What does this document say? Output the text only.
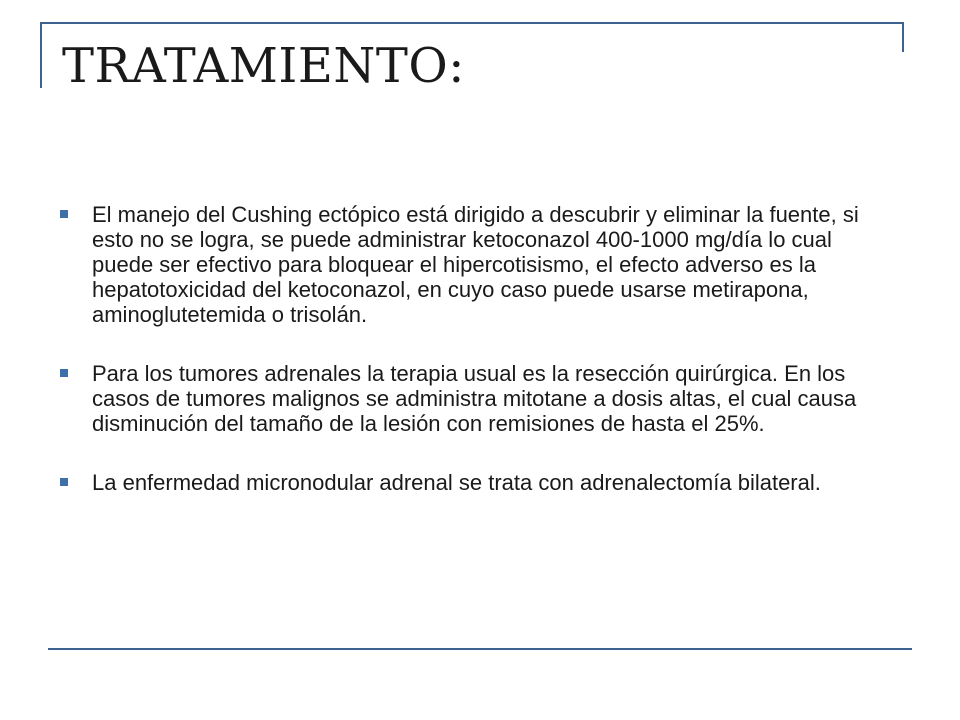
TRATAMIENTO:
El manejo del Cushing ectópico está dirigido a descubrir y eliminar la fuente, si esto no se logra, se puede administrar ketoconazol 400-1000 mg/día lo cual puede ser efectivo para bloquear el hipercotisismo, el efecto adverso es la hepatotoxicidad del ketoconazol, en cuyo caso puede usarse metirapona, aminoglutetemida o trisolán.
Para los tumores adrenales la terapia usual es la resección quirúrgica. En los casos de tumores malignos se administra mitotane a dosis altas, el cual causa disminución del tamaño de la lesión con remisiones de hasta el 25%.
La enfermedad micronodular adrenal se trata con adrenalectomía bilateral.
